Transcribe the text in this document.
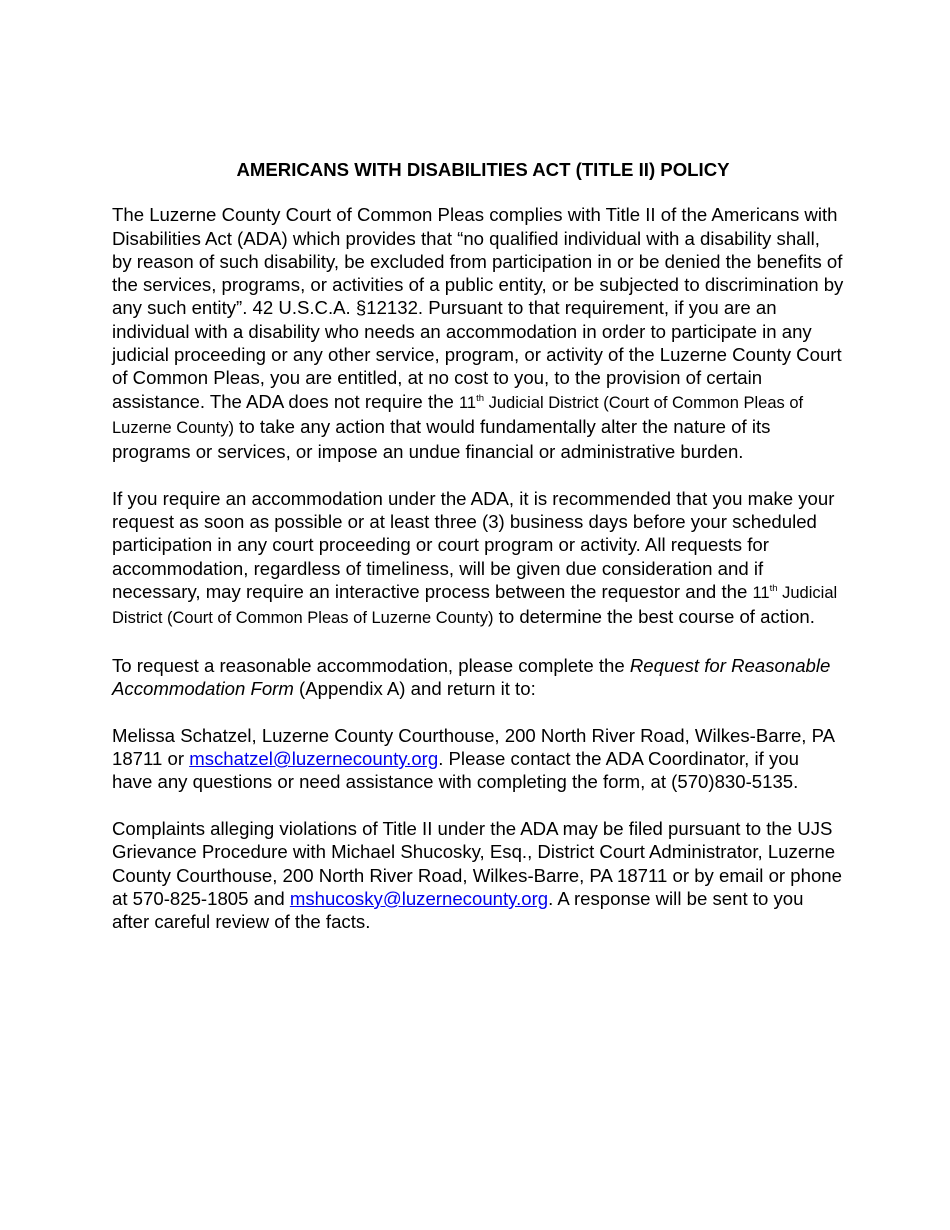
AMERICANS WITH DISABILITIES ACT (TITLE II) POLICY

The Luzerne County Court of Common Pleas complies with Title II of the Americans with Disabilities Act (ADA) which provides that “no qualified individual with a disability shall, by reason of such disability, be excluded from participation in or be denied the benefits of the services, programs, or activities of a public entity, or be subjected to discrimination by any such entity”. 42 U.S.C.A. §12132. Pursuant to that requirement, if you are an individual with a disability who needs an accommodation in order to participate in any judicial proceeding or any other service, program, or activity of the Luzerne County Court of Common Pleas, you are entitled, at no cost to you, to the provision of certain assistance. The ADA does not require the 11th Judicial District (Court of Common Pleas of Luzerne County) to take any action that would fundamentally alter the nature of its programs or services, or impose an undue financial or administrative burden.

If you require an accommodation under the ADA, it is recommended that you make your request as soon as possible or at least three (3) business days before your scheduled participation in any court proceeding or court program or activity. All requests for accommodation, regardless of timeliness, will be given due consideration and if necessary, may require an interactive process between the requestor and the 11th Judicial District (Court of Common Pleas of Luzerne County) to determine the best course of action.

To request a reasonable accommodation, please complete the Request for Reasonable Accommodation Form (Appendix A) and return it to:

Melissa Schatzel, Luzerne County Courthouse, 200 North River Road, Wilkes-Barre, PA 18711 or mschatzel@luzernecounty.org. Please contact the ADA Coordinator, if you have any questions or need assistance with completing the form, at (570)830-5135.

Complaints alleging violations of Title II under the ADA may be filed pursuant to the UJS Grievance Procedure with Michael Shucosky, Esq., District Court Administrator, Luzerne County Courthouse, 200 North River Road, Wilkes-Barre, PA 18711 or by email or phone at 570-825-1805 and mshucosky@luzernecounty.org. A response will be sent to you after careful review of the facts.
